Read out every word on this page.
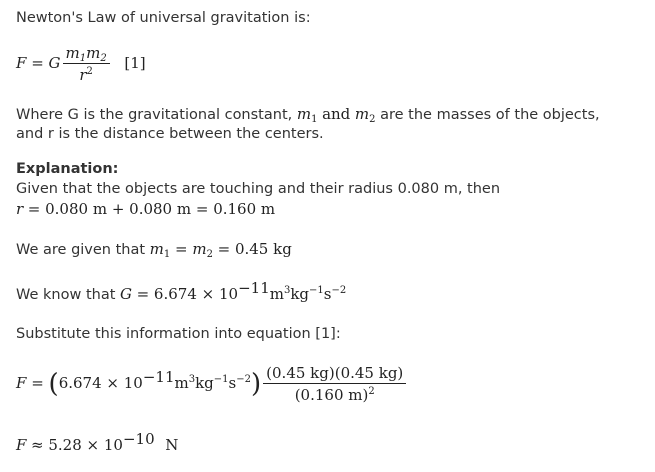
Newton's Law of universal gravitation is:
F = G $\frac{m_1m_2}{r^2} [1]$
Where G is the gravitational constant, $m_1$ and $m_2$ are the masses of the objects,
and r is the distance between the centers.
Explanation:
Given that the objects are touching and their radius 0.080 m, then
r = 0.080 m + 0.080 m = 0.160 m
We are given that $m_1 = m_2 = 0.45$ kg
We know that $G = 6.674 \times 10^{-11}m^3kg^{-1}s^{-2}$
Substitute this information into equation [1]:
$F = (6.674 \times 10^{-11}m^3kg^{-1}s^{-2}) \frac{(0.45 kg)(0.45 kg)}{(0.160 m)^2}$
$F \approx 5.28 \times 10^{-10}$ N
